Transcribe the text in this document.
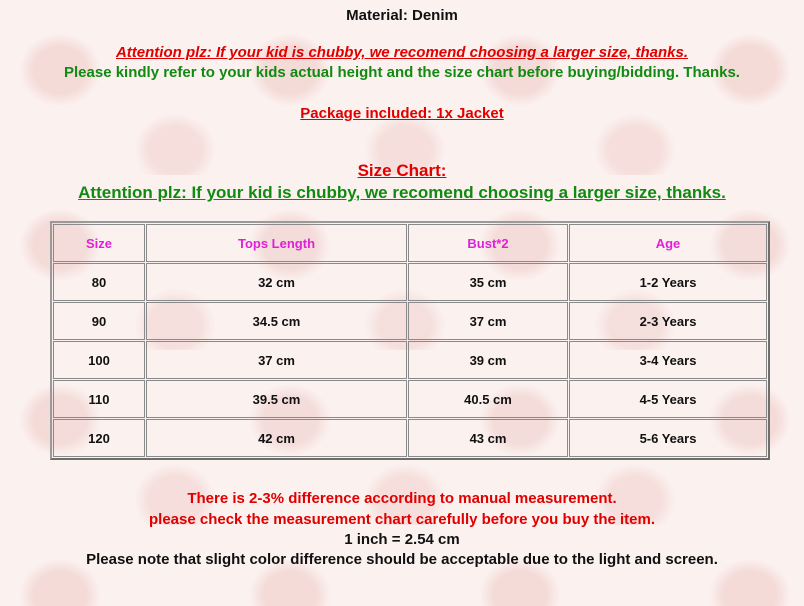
Material: Denim
Attention plz: If your kid is chubby, we recomend choosing a larger size, thanks.
Please kindly refer to your kids actual height and the size chart before buying/bidding. Thanks.
Package included: 1x Jacket
Size Chart:
Attention plz: If your kid is chubby, we recomend choosing a larger size, thanks.
Size	Tops Length	Bust*2	Age
80	32 cm	35 cm	1-2 Years
90	34.5 cm	37 cm	2-3 Years
100	37 cm	39 cm	3-4 Years
110	39.5 cm	40.5 cm	4-5 Years
120	42 cm	43 cm	5-6 Years
There is 2-3% difference according to manual measurement.
please check the measurement chart carefully before you buy the item.
1 inch = 2.54 cm
Please note that slight color difference should be acceptable due to the light and screen.
